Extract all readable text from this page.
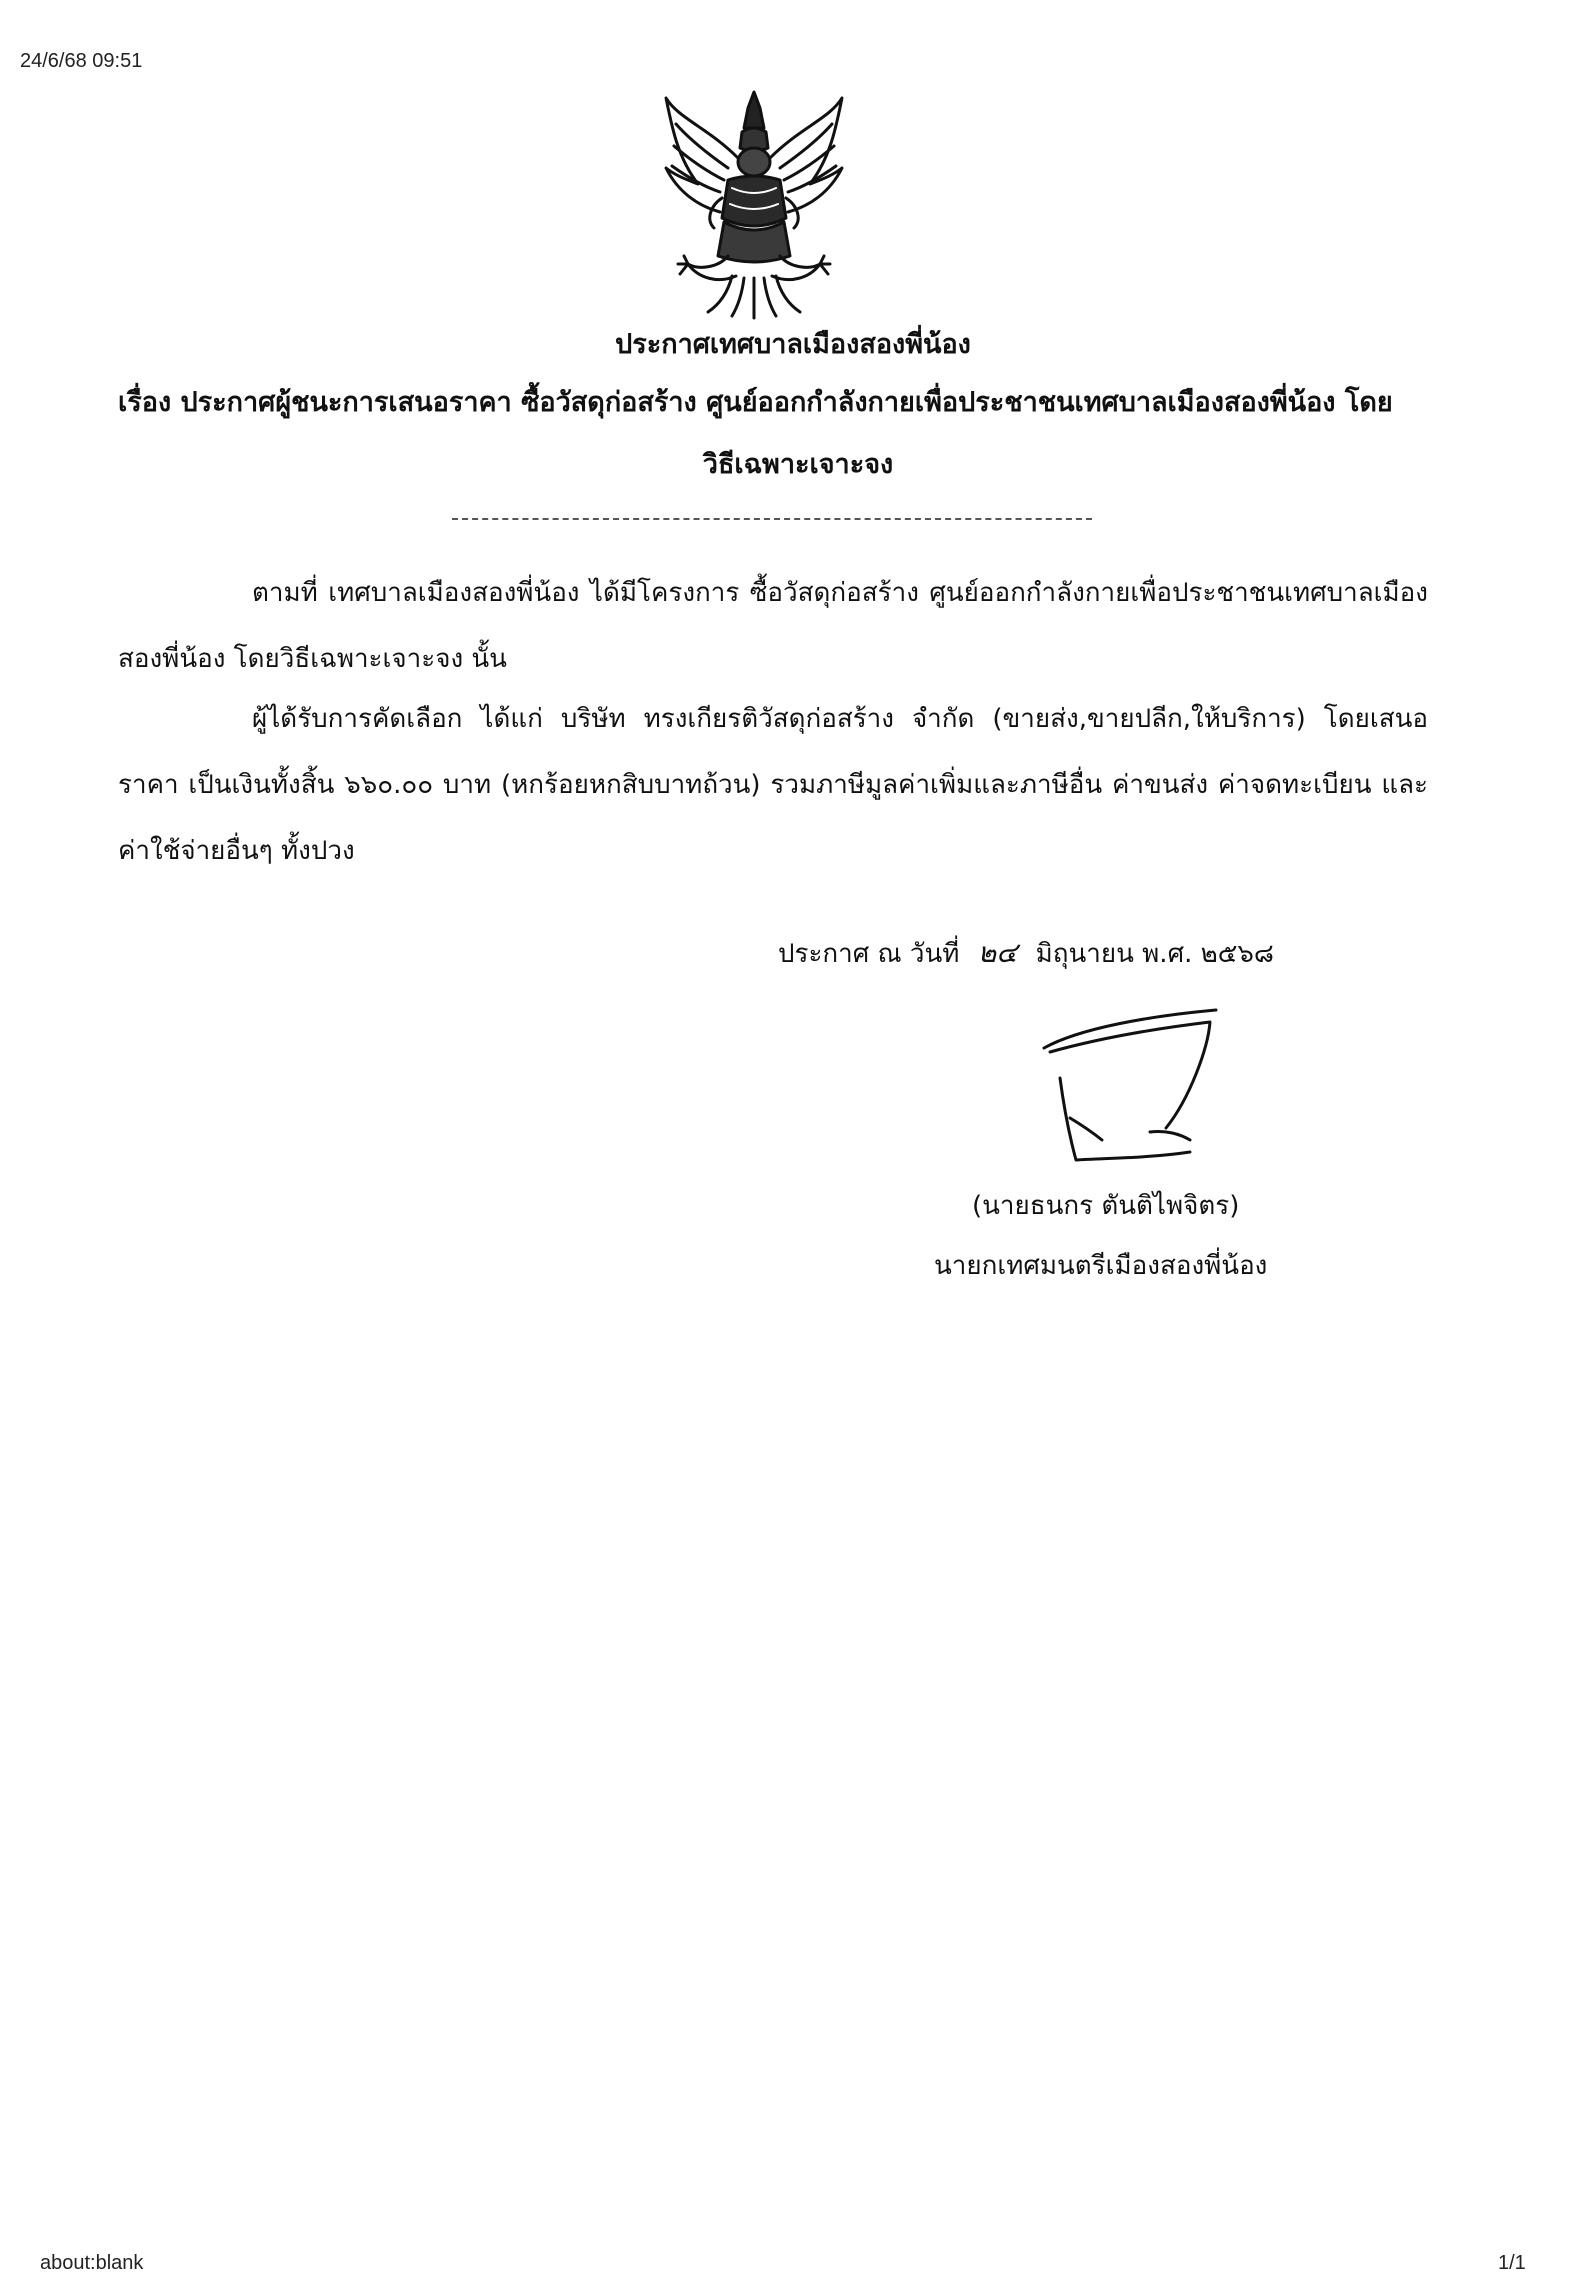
24/6/68 09:51
ประกาศเทศบาลเมืองสองพี่น้อง
เรื่อง ประกาศผู้ชนะการเสนอราคา ซื้อวัสดุก่อสร้าง ศูนย์ออกกำลังกายเพื่อประชาชนเทศบาลเมืองสองพี่น้อง โดย
วิธีเฉพาะเจาะจง
ตามที่ เทศบาลเมืองสองพี่น้อง ได้มีโครงการ ซื้อวัสดุก่อสร้าง ศูนย์ออกกำลังกายเพื่อประชาชนเทศบาลเมืองสองพี่น้อง โดยวิธีเฉพาะเจาะจง นั้น
ผู้ได้รับการคัดเลือก ได้แก่ บริษัท ทรงเกียรติวัสดุก่อสร้าง จำกัด (ขายส่ง,ขายปลีก,ให้บริการ) โดยเสนอราคา เป็นเงินทั้งสิ้น ๖๖๐.๐๐ บาท (หกร้อยหกสิบบาทถ้วน) รวมภาษีมูลค่าเพิ่มและภาษีอื่น ค่าขนส่ง ค่าจดทะเบียน และค่าใช้จ่ายอื่นๆ ทั้งปวง
ประกาศ ณ วันที่ ๒๔ มิถุนายน พ.ศ. ๒๕๖๘
(นายธนกร ตันติไพจิตร)
นายกเทศมนตรีเมืองสองพี่น้อง
about:blank	1/1
